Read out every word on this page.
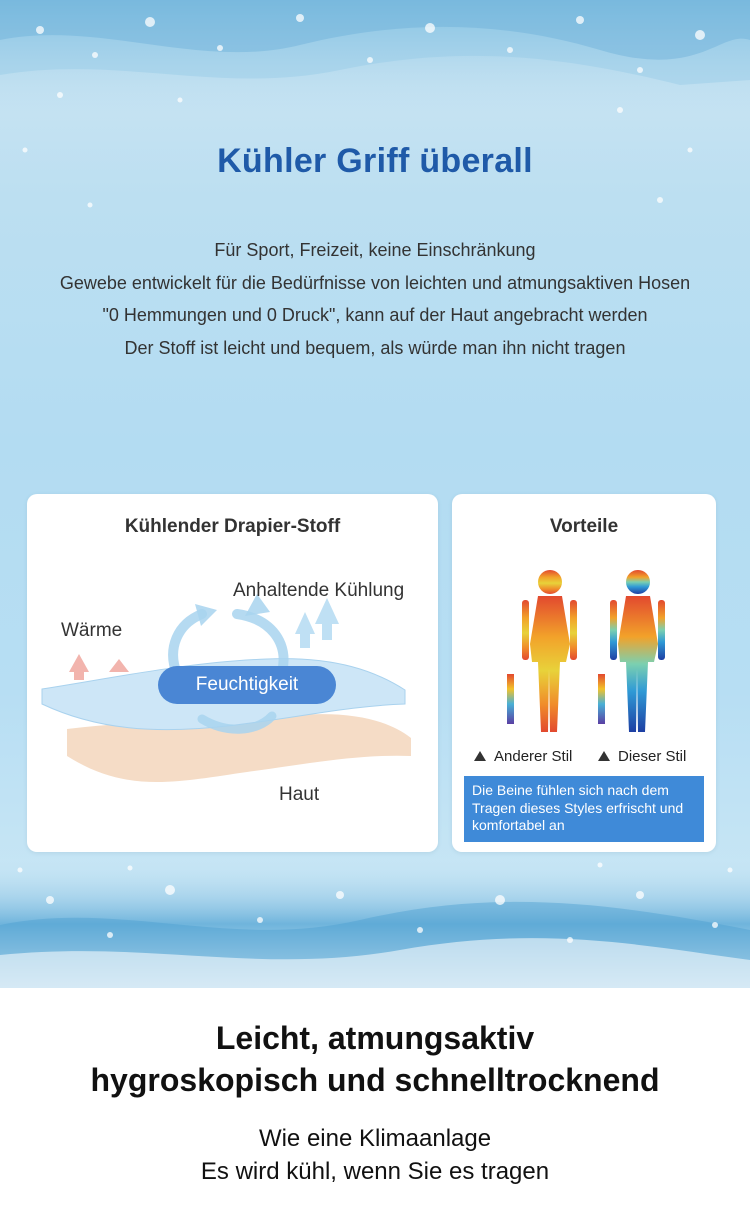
Kühler Griff überall
Für Sport, Freizeit, keine Einschränkung
Gewebe entwickelt für die Bedürfnisse von leichten und atmungsaktiven Hosen
"0 Hemmungen und 0 Druck", kann auf der Haut angebracht werden
Der Stoff ist leicht und bequem, als würde man ihn nicht tragen
Kühlender Drapier-Stoff
Anhaltende Kühlung
Wärme
Feuchtigkeit
Haut
Vorteile
Anderer Stil	Dieser Stil
Die Beine fühlen sich nach dem Tragen dieses Styles erfrischt und komfortabel an
Leicht, atmungsaktiv
hygroskopisch und schnelltrocknend
Wie eine Klimaanlage
Es wird kühl, wenn Sie es tragen
